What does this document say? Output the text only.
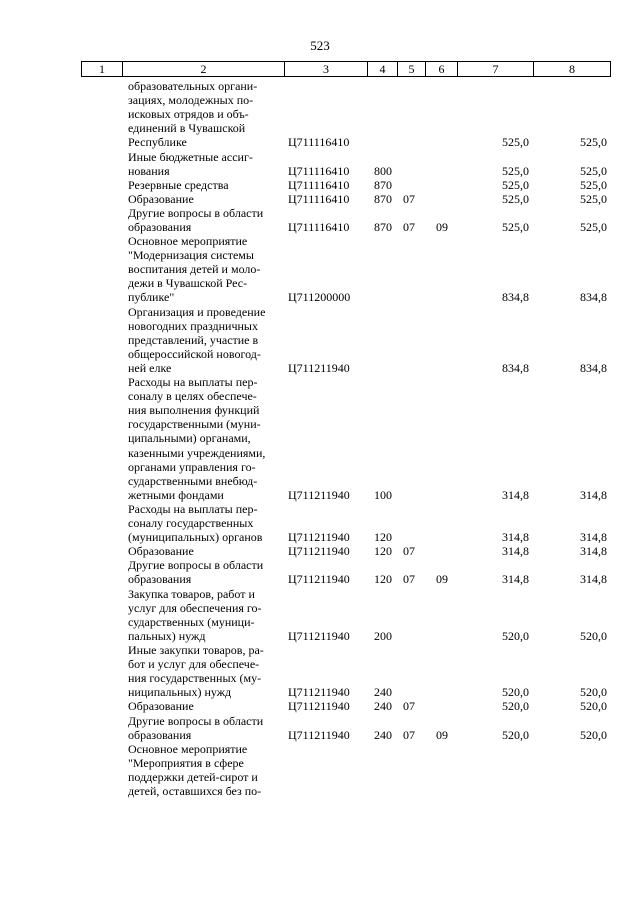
523
1	2	3	4	5	6	7	8
образовательных органи-
зациях, молодежных по-
исковых отрядов и объ-
единений в Чувашской
Республике	Ц711116410	525,0	525,0
Иные бюджетные ассиг-
нования	Ц711116410 800	525,0	525,0
Резервные средства	Ц711116410 870	525,0	525,0
Образование	Ц711116410 870 07	525,0	525,0
Другие вопросы в области
образования	Ц711116410 870 07 09	525,0	525,0
Основное мероприятие
"Модернизация системы
воспитания детей и моло-
дежи в Чувашской Рес-
публике"	Ц711200000	834,8	834,8
Организация и проведение
новогодних праздничных
представлений, участие в
общероссийской новогод-
ней елке	Ц711211940	834,8	834,8
Расходы на выплаты пер-
соналу в целях обеспече-
ния выполнения функций
государственными (муни-
ципальными) органами,
казенными учреждениями,
органами управления го-
сударственными внебюд-
жетными фондами	Ц711211940 100	314,8	314,8
Расходы на выплаты пер-
соналу государственных
(муниципальных) органов	Ц711211940 120	314,8	314,8
Образование	Ц711211940 120 07	314,8	314,8
Другие вопросы в области
образования	Ц711211940 120 07 09	314,8	314,8
Закупка товаров, работ и
услуг для обеспечения го-
сударственных (муници-
пальных) нужд	Ц711211940 200	520,0	520,0
Иные закупки товаров, ра-
бот и услуг для обеспече-
ния государственных (му-
ниципальных) нужд	Ц711211940 240	520,0	520,0
Образование	Ц711211940 240 07	520,0	520,0
Другие вопросы в области
образования	Ц711211940 240 07 09	520,0	520,0
Основное мероприятие
"Мероприятия в сфере
поддержки детей-сирот и
детей, оставшихся без по-
